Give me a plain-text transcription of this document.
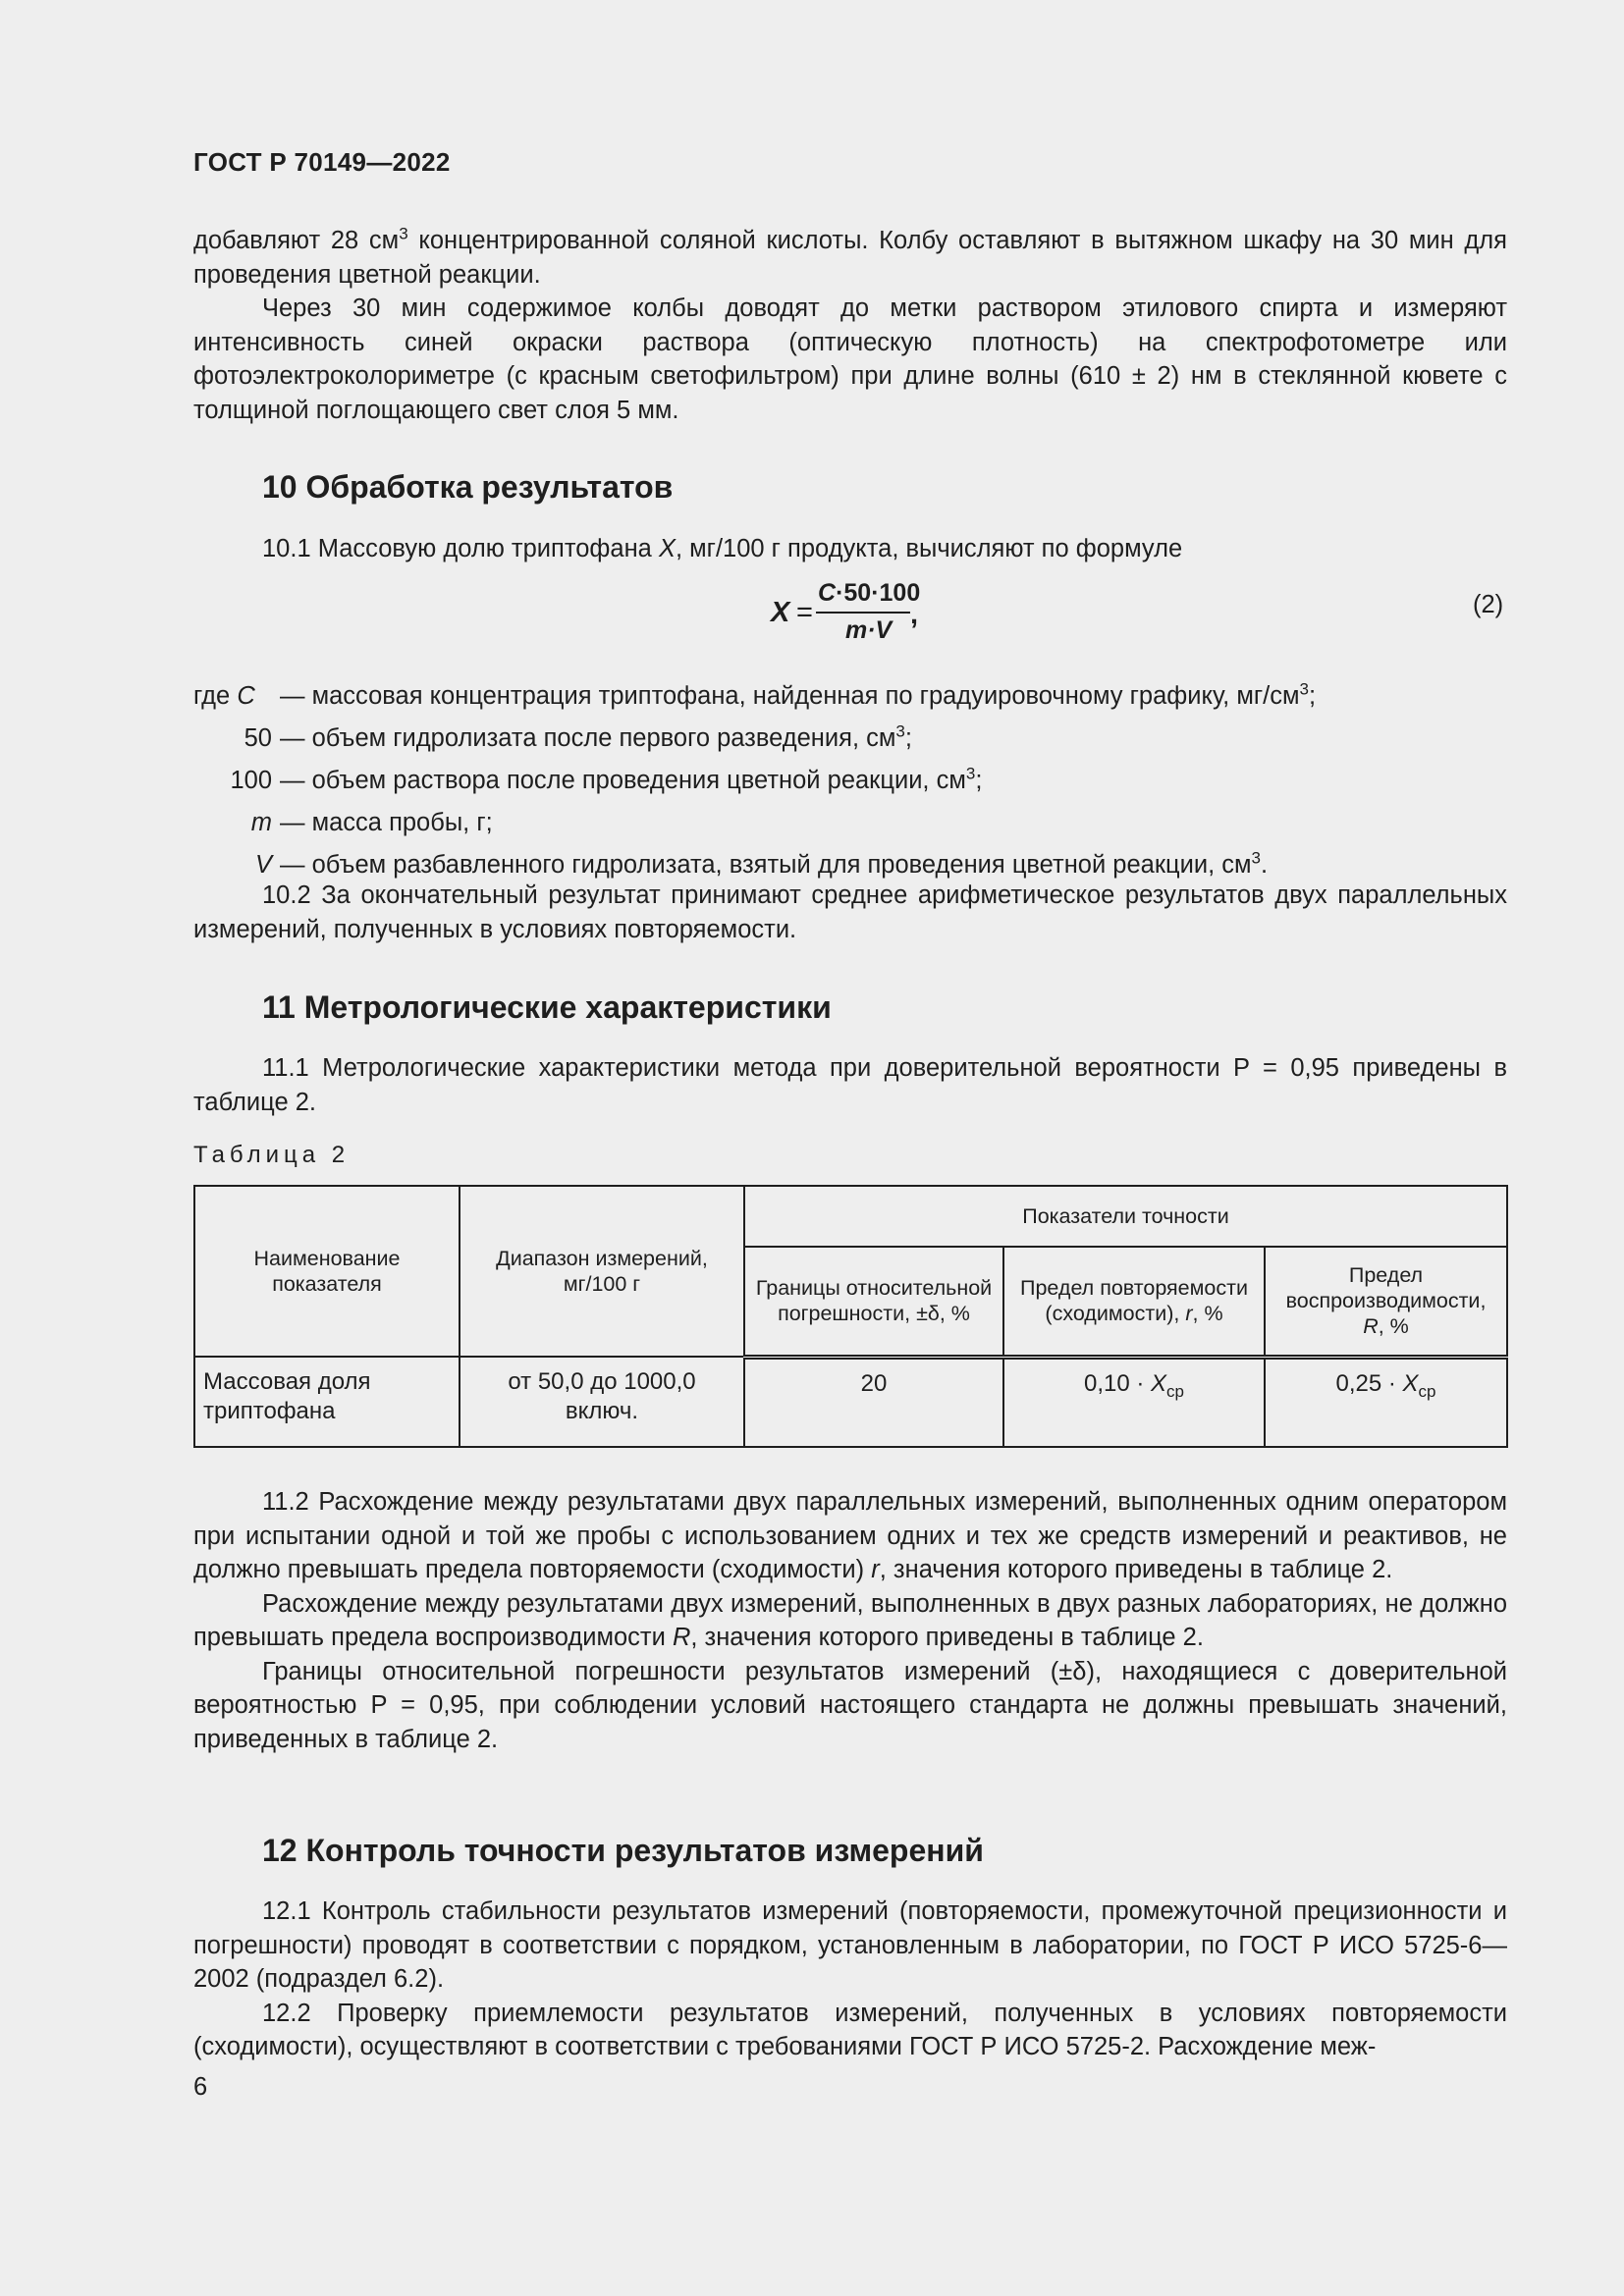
ГОСТ Р 70149—2022

добавляют 28 $см^3$ концентрированной соляной кислоты. Колбу оставляют в вытяжном шкафу на 30 мин для проведения цветной реакции.

Через 30 мин содержимое колбы доводят до метки раствором этилового спирта и измеряют интенсивность синей окраски раствора (оптическую плотность) на спектрофотометре или фотоэлектроколориметре (с красным светофильтром) при длине волны (610 ± 2) нм в стеклянной кювете с толщиной поглощающего свет слоя 5 мм.

10 Обработка результатов

10.1 Массовую долю триптофана X, мг/100 г продукта, вычисляют по формуле

X =
C·50·100
m·V ,	(2)
где C — массовая концентрация триптофана, найденная по градуировочному графику, $мг/см^3$;
50 — объем гидролизата после первого разведения, $см^3$;
100 — объем раствора после проведения цветной реакции, $см^3$;
m — масса пробы, г;
V — объем разбавленного гидролизата, взятый для проведения цветной реакции, $см^3$.

10.2 За окончательный результат принимают среднее арифметическое результатов двух параллельных измерений, полученных в условиях повторяемости.

11 Метрологические характеристики

11.1 Метрологические характеристики метода при доверительной вероятности P = 0,95 приведены в таблице 2.

Таблица 2
Наименование показателя	Диапазон измерений, мг/100 г	Показатели точности		
		Границы относительной погрешности, ±δ, %	Предел повторяемости (сходимости), r, %	Предел воспроизводимости, R, %
Массовая доля триптофана	от 50,0 до 1000,0 включ.	20	$0,10 \cdot X_{ср}$	$0,25 \cdot X_{ср}$

11.2 Расхождение между результатами двух параллельных измерений, выполненных одним оператором при испытании одной и той же пробы с использованием одних и тех же средств измерений и реактивов, не должно превышать предела повторяемости (сходимости) r, значения которого приведены в таблице 2.

Расхождение между результатами двух измерений, выполненных в двух разных лабораториях, не должно превышать предела воспроизводимости R, значения которого приведены в таблице 2.

Границы относительной погрешности результатов измерений (±δ), находящиеся с доверительной вероятностью P = 0,95, при соблюдении условий настоящего стандарта не должны превышать значений, приведенных в таблице 2.

12 Контроль точности результатов измерений

12.1 Контроль стабильности результатов измерений (повторяемости, промежуточной прецизионности и погрешности) проводят в соответствии с порядком, установленным в лаборатории, по ГОСТ Р ИСО 5725-6—2002 (подраздел 6.2).

12.2 Проверку приемлемости результатов измерений, полученных в условиях повторяемости (сходимости), осуществляют в соответствии с требованиями ГОСТ Р ИСО 5725-2. Расхождение меж-

6
